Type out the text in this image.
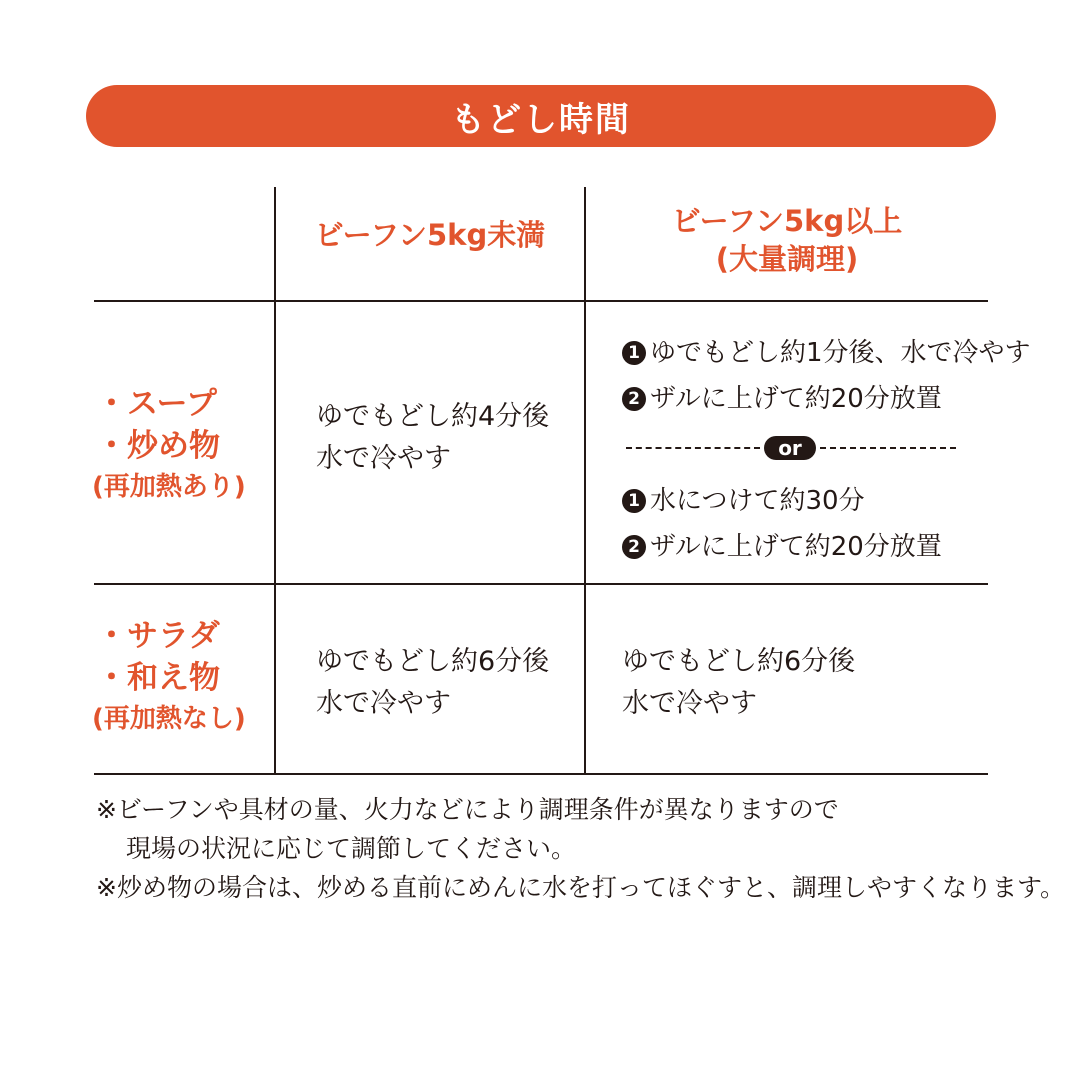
もどし時間
ビーフン5kg未満	ビーフン5kg以上
(大量調理)
・スープ
・炒め物
(再加熱あり)
ゆでもどし約4分後
水で冷やす
1 ゆでもどし約1分後、水で冷やす
2 ザルに上げて約20分放置
or
1 水につけて約30分
2 ザルに上げて約20分放置
・サラダ
・和え物
(再加熱なし)
ゆでもどし約6分後
水で冷やす
ゆでもどし約6分後
水で冷やす
※ビーフンや具材の量、火力などにより調理条件が異なりますので
現場の状況に応じて調節してください。
※炒め物の場合は、炒める直前にめんに水を打ってほぐすと、調理しやすくなります。
